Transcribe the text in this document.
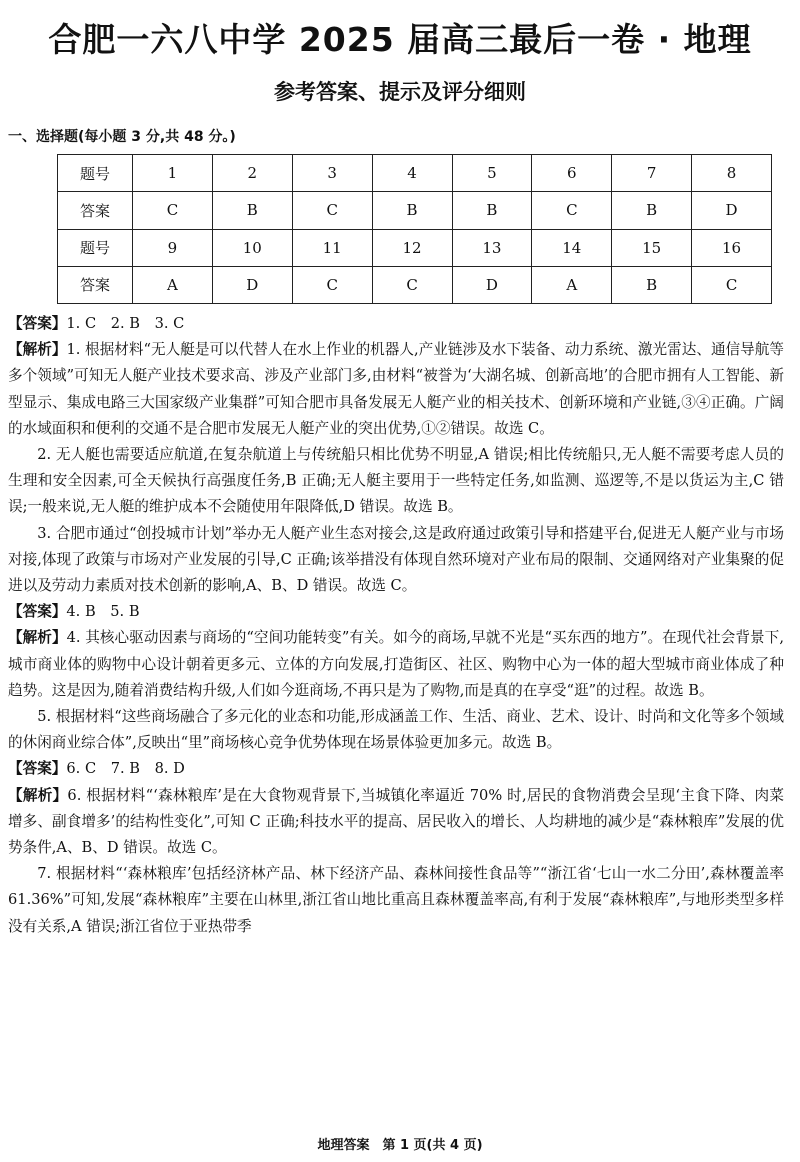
合肥一六八中学 2025 届高三最后一卷 · 地理
参考答案、提示及评分细则
一、选择题(每小题 3 分,共 48 分。)
题号	1	2	3	4	5	6	7	8
答案	C	B	C	B	B	C	B	D
题号	9	10	11	12	13	14	15	16
答案	A	D	C	C	D	A	B	C

【答案】1. C　2. B　3. C

【解析】1. 根据材料“无人艇是可以代替人在水上作业的机器人,产业链涉及水下装备、动力系统、激光雷达、通信导航等多个领域”可知无人艇产业技术要求高、涉及产业部门多,由材料“被誉为‘大湖名城、创新高地’的合肥市拥有人工智能、新型显示、集成电路三大国家级产业集群”可知合肥市具备发展无人艇产业的相关技术、创新环境和产业链,③④正确。广阔的水域面积和便利的交通不是合肥市发展无人艇产业的突出优势,①②错误。故选 C。

2. 无人艇也需要适应航道,在复杂航道上与传统船只相比优势不明显,A 错误;相比传统船只,无人艇不需要考虑人员的生理和安全因素,可全天候执行高强度任务,B 正确;无人艇主要用于一些特定任务,如监测、巡逻等,不是以货运为主,C 错误;一般来说,无人艇的维护成本不会随使用年限降低,D 错误。故选 B。

3. 合肥市通过“创投城市计划”举办无人艇产业生态对接会,这是政府通过政策引导和搭建平台,促进无人艇产业与市场对接,体现了政策与市场对产业发展的引导,C 正确;该举措没有体现自然环境对产业布局的限制、交通网络对产业集聚的促进以及劳动力素质对技术创新的影响,A、B、D 错误。故选 C。

【答案】4. B　5. B

【解析】4. 其核心驱动因素与商场的“空间功能转变”有关。如今的商场,早就不光是“买东西的地方”。在现代社会背景下,城市商业体的购物中心设计朝着更多元、立体的方向发展,打造街区、社区、购物中心为一体的超大型城市商业体成了种趋势。这是因为,随着消费结构升级,人们如今逛商场,不再只是为了购物,而是真的在享受“逛”的过程。故选 B。

5. 根据材料“这些商场融合了多元化的业态和功能,形成涵盖工作、生活、商业、艺术、设计、时尚和文化等多个领域的休闲商业综合体”,反映出“里”商场核心竞争优势体现在场景体验更加多元。故选 B。

【答案】6. C　7. B　8. D

【解析】6. 根据材料“‘森林粮库’是在大食物观背景下,当城镇化率逼近 70% 时,居民的食物消费会呈现‘主食下降、肉菜增多、副食增多’的结构性变化”,可知 C 正确;科技水平的提高、居民收入的增长、人均耕地的减少是“森林粮库”发展的优势条件,A、B、D 错误。故选 C。

7. 根据材料“‘森林粮库’包括经济林产品、林下经济产品、森林间接性食品等”“浙江省‘七山一水二分田’,森林覆盖率 61.36%”可知,发展“森林粮库”主要在山林里,浙江省山地比重高且森林覆盖率高,有利于发展“森林粮库”,与地形类型多样没有关系,A 错误;浙江省位于亚热带季

地理答案　第 1 页(共 4 页)
